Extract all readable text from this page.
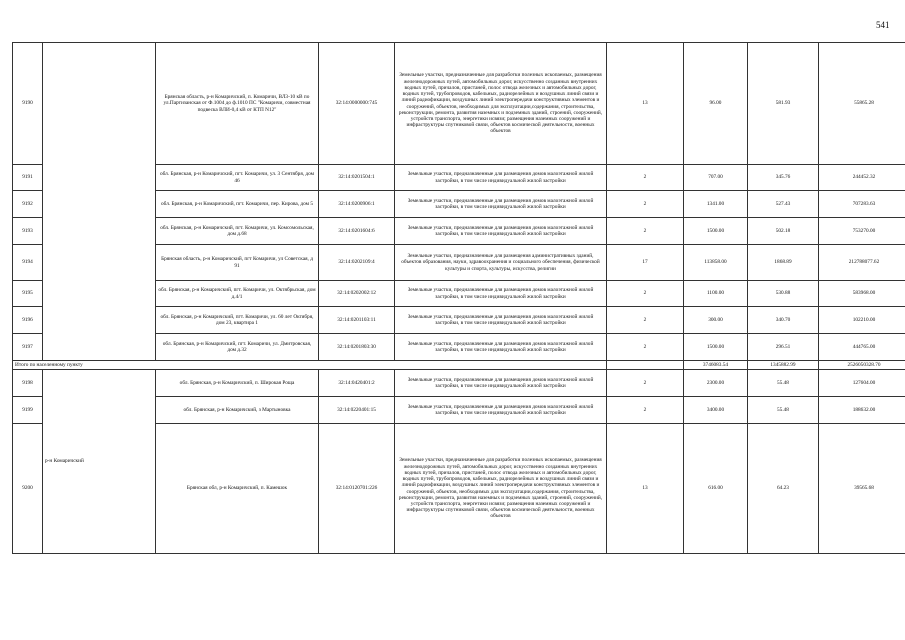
541
9190		Брянская область, р-н Комаричский, п. Комаричи, ВЛ3-10 кВ по ул.Партизанская от Ф.1004 до ф.1010 ПС "Комаричи, совместная подвеска ВЛИ-0,4 кВ от КТП N12"	32:14:0000000:745	Земельные участки, предназначенные для разработки полезных ископаемых, размещения железнодорожных путей, автомобильных дорог, искусственно созданных внутренних водных путей, причалов, пристаней, полос отвода железных и автомобильных дорог, водных путей, трубопроводов, кабельных, радиорелейных и воздушных линий связи и линий радиофикации, воздушных линий электропередачи конструктивных элементов и сооружений, объектов, необходимых для эксплуатации,содержания, строительства, реконструкции, ремонта, развития наземных и подземных зданий, строений, сооружений, устройств транспорта, энергетики исвязи; размещения наземных сооружений и инфраструктуры спутниковой связи, объектов космической деятельности, военных объектов	13	96.00	581.93	55865.28
9191		обл. Брянская, р-н Комаричский, пгт. Комаричи, ул. 3 Сентября, дом 46	32:14:0201504:1	Земельные участки, предназначенные для размещения домов малоэтажной жилой застройки, в том числе индивидуальной жилой застройки	2	707.00	345.76	244452.32
9192		обл. Брянская, р-н Комаричский, пгт. Комаричи, пер. Кирова, дом 5	32:14:0200906:1	Земельные участки, предназначенные для размещения домов малоэтажной жилой застройки, в том числе индивидуальной жилой застройки	2	1341.00	527.43	707283.63
9193		обл. Брянская, р-н Комаричский, пгт. Комаричи, ул. Комсомольская, дом д.68	32:14:0201604:6	Земельные участки, предназначенные для размещения домов малоэтажной жилой застройки, в том числе индивидуальной жилой застройки	2	1500.00	502.18	753270.00
9194		Брянская область, р-н Комаричский, пгт Комаричи, ул Советская, д 91	32:14:0202109:4	Земельные участки, предназначенные для размещения административных зданий, объектов образования, науки, здравоохранения и социального обеспечения, физической культуры и спорта, культуры, искусства, религии	17	113858.00	1868.89	212788077.62
9195		обл. Брянская, р-н Комаричский, пгт. Комаричи, ул. Октябрьская, дом д.4/1	32:14:0202002:12	Земельные участки, предназначенные для размещения домов малоэтажной жилой застройки, в том числе индивидуальной жилой застройки	2	1100.00	530.88	583968.00
9196		обл. Брянская, р-н Комаричский, пгт. Комаричи, ул. 60 лет Октября, дом 23, квартира 1	32:14:0201103:11	Земельные участки, предназначенные для размещения домов малоэтажной жилой застройки, в том числе индивидуальной жилой застройки	2	300.00	340.70	102210.00
9197		обл. Брянская, р-н Комаричский, пгт. Комаричи, ул. Дмитровская, дом д.32	32:14:0201803:30	Земельные участки, предназначенные для размещения домов малоэтажной жилой застройки, в том числе индивидуальной жилой застройки	2	1500.00	296.51	444765.00
Итого по населенному пункту						3746083.54	1345882.99	2526050328.70
9198	р-н Комаричский	обл. Брянская, р-н Комаричский, п. Широкая Роща	32:14:0420401:2	Земельные участки, предназначенные для размещения домов малоэтажной жилой застройки, в том числе индивидуальной жилой застройки	2	2300.00	55.48	127604.00
9199		обл. Брянская, р-н Комаричский, з Мартыновка	32:14:0220401:15	Земельные участки, предназначенные для размещения домов малоэтажной жилой застройки, в том числе индивидуальной жилой застройки	2	3400.00	55.48	188632.00
9200		Брянская обл, р-н Комаричский, п. Камешок	32:14:0120701:226	Земельные участки, предназначенные для разработки полезных ископаемых, размещения железнодорожных путей, автомобильных дорог, искусственно созданных внутренних водных путей, причалов, пристаней, полос отвода железных и автомобильных дорог, водных путей, трубопроводов, кабельных, радиорелейных и воздушных линий связи и линий радиофикации, воздушных линий электропередачи конструктивных элементов и сооружений, объектов, необходимых для эксплуатации,содержания, строительства, реконструкции, ремонта, развития наземных и подземных зданий, строений, сооружений, устройств транспорта, энергетики исвязи; размещения наземных сооружений и инфраструктуры спутниковой связи, объектов космической деятельности, военных объектов	13	616.00	64.23	39565.68
